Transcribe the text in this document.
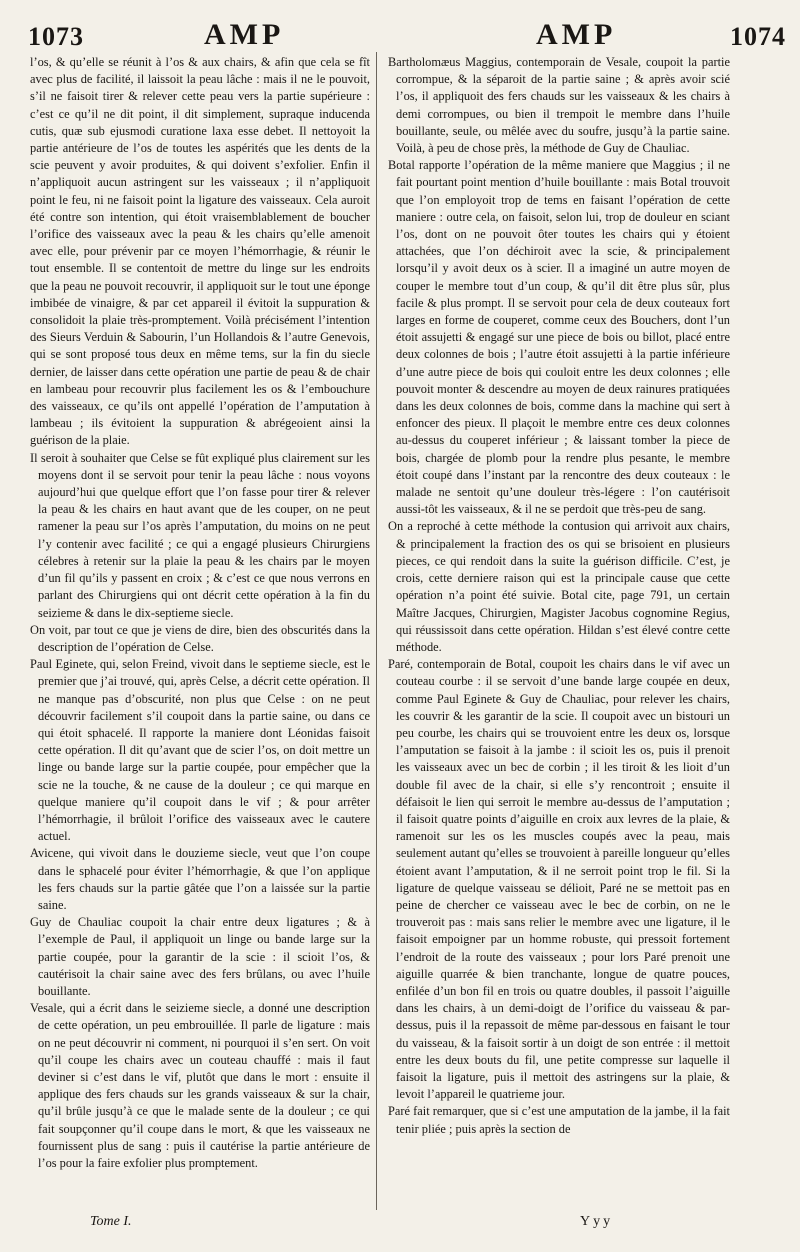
1073	AMP	AMP	1074

l’os, & qu’elle se réunit à l’os & aux chairs, & afin que cela se fît avec plus de facilité, il laissoit la peau lâche : mais il ne le pouvoit, s’il ne faisoit tirer & relever cette peau vers la partie supérieure : c’est ce qu’il ne dit point, il dit simplement, supraque inducenda cutis, quæ sub ejusmodi curatione laxa esse debet. Il nettoyoit la partie antérieure de l’os de toutes les aspérités que les dents de la scie peuvent y avoir produites, & qui doivent s’exfolier. Enfin il n’appliquoit aucun astringent sur les vaisseaux ; il n’appliquoit point le feu, ni ne faisoit point la ligature des vaisseaux. Cela auroit été contre son intention, qui étoit vraisemblablement de boucher l’orifice des vaisseaux avec la peau & les chairs qu’elle amenoit avec elle, pour prévenir par ce moyen l’hémorrhagie, & réunir le tout ensemble. Il se contentoit de mettre du linge sur les endroits que la peau ne pouvoit recouvrir, il appliquoit sur le tout une éponge imbibée de vinaigre, & par cet appareil il évitoit la suppuration & consolidoit la plaie très-promptement. Voilà précisément l’intention des Sieurs Verduin & Sabourin, l’un Hollandois & l’autre Genevois, qui se sont proposé tous deux en même tems, sur la fin du siecle dernier, de laisser dans cette opération une partie de peau & de chair en lambeau pour recouvrir plus facilement les os & l’embouchure des vaisseaux, ce qu’ils ont appellé l’opération de l’amputation à lambeau ; ils évitoient la suppuration & abrégeoient ainsi la guérison de la plaie.

Il seroit à souhaiter que Celse se fût expliqué plus clairement sur les moyens dont il se servoit pour tenir la peau lâche : nous voyons aujourd’hui que quelque effort que l’on fasse pour tirer & relever la peau & les chairs en haut avant que de les couper, on ne peut ramener la peau sur l’os après l’amputation, du moins on ne peut l’y contenir avec facilité ; ce qui a engagé plusieurs Chirurgiens célebres à retenir sur la plaie la peau & les chairs par le moyen d’un fil qu’ils y passent en croix ; & c’est ce que nous verrons en parlant des Chirurgiens qui ont décrit cette opération à la fin du seizieme & dans le dix-septieme siecle.

On voit, par tout ce que je viens de dire, bien des obscurités dans la description de l’opération de Celse.

Paul Eginete, qui, selon Freind, vivoit dans le septieme siecle, est le premier que j’ai trouvé, qui, après Celse, a décrit cette opération. Il ne manque pas d’obscurité, non plus que Celse : on ne peut découvrir facilement s’il coupoit dans la partie saine, ou dans ce qui étoit sphacelé. Il rapporte la maniere dont Léonidas faisoit cette opération. Il dit qu’avant que de scier l’os, on doit mettre un linge ou bande large sur la partie coupée, pour empêcher que la scie ne la touche, & ne cause de la douleur ; ce qui marque en quelque maniere qu’il coupoit dans le vif ; & pour arrêter l’hémorrhagie, il brûloit l’orifice des vaisseaux avec le cautere actuel.

Avicene, qui vivoit dans le douzieme siecle, veut que l’on coupe dans le sphacelé pour éviter l’hémorrhagie, & que l’on applique les fers chauds sur la partie gâtée que l’on a laissée sur la partie saine.

Guy de Chauliac coupoit la chair entre deux ligatures ; & à l’exemple de Paul, il appliquoit un linge ou bande large sur la partie coupée, pour la garantir de la scie : il scioit l’os, & cautérisoit la chair saine avec des fers brûlans, ou avec l’huile bouillante.

Vesale, qui a écrit dans le seizieme siecle, a donné une description de cette opération, un peu embrouillée. Il parle de ligature : mais on ne peut découvrir ni comment, ni pourquoi il s’en sert. On voit qu’il coupe les chairs avec un couteau chauffé : mais il faut deviner si c’est dans le vif, plutôt que dans le mort : ensuite il applique des fers chauds sur les grands vaisseaux & sur la chair, qu’il brûle jusqu’à ce que le malade sente de la douleur ; ce qui fait soupçonner qu’il coupe dans le mort, & que les vaisseaux ne fournissent plus de sang : puis il cautérise la partie antérieure de l’os pour la faire exfolier plus promptement.

Bartholomæus Maggius, contemporain de Vesale, coupoit la partie corrompue, & la séparoit de la partie saine ; & après avoir scié l’os, il appliquoit des fers chauds sur les vaisseaux & les chairs à demi corrompues, ou bien il trempoit le membre dans l’huile bouillante, seule, ou mêlée avec du soufre, jusqu’à la partie saine. Voilà, à peu de chose près, la méthode de Guy de Chauliac.

Botal rapporte l’opération de la même maniere que Maggius ; il ne fait pourtant point mention d’huile bouillante : mais Botal trouvoit que l’on employoit trop de tems en faisant l’opération de cette maniere : outre cela, on faisoit, selon lui, trop de douleur en sciant l’os, dont on ne pouvoit ôter toutes les chairs qui y étoient attachées, que l’on déchiroit avec la scie, & principalement lorsqu’il y avoit deux os à scier. Il a imaginé un autre moyen de couper le membre tout d’un coup, & qu’il dit être plus sûr, plus facile & plus prompt. Il se servoit pour cela de deux couteaux fort larges en forme de couperet, comme ceux des Bouchers, dont l’un étoit assujetti & engagé sur une piece de bois ou billot, placé entre deux colonnes de bois ; l’autre étoit assujetti à la partie inférieure d’une autre piece de bois qui couloit entre les deux colonnes ; elle pouvoit monter & descendre au moyen de deux rainures pratiquées dans les deux colonnes de bois, comme dans la machine qui sert à enfoncer des pieux. Il plaçoit le membre entre ces deux colonnes au-dessus du couperet inférieur ; & laissant tomber la piece de bois, chargée de plomb pour la rendre plus pesante, le membre étoit coupé dans l’instant par la rencontre des deux couteaux : le malade ne sentoit qu’une douleur très-légere : l’on cautérisoit aussi-tôt les vaisseaux, & il ne se perdoit que très-peu de sang.

On a reproché à cette méthode la contusion qui arrivoit aux chairs, & principalement la fraction des os qui se brisoient en plusieurs pieces, ce qui rendoit dans la suite la guérison difficile. C’est, je crois, cette derniere raison qui est la principale cause que cette opération n’a point été suivie. Botal cite, page 791, un certain Maître Jacques, Chirurgien, Magister Jacobus cognomine Regius, qui réussissoit dans cette opération. Hildan s’est élevé contre cette méthode.

Paré, contemporain de Botal, coupoit les chairs dans le vif avec un couteau courbe : il se servoit d’une bande large coupée en deux, comme Paul Eginete & Guy de Chauliac, pour relever les chairs, les couvrir & les garantir de la scie. Il coupoit avec un bistouri un peu courbe, les chairs qui se trouvoient entre les deux os, lorsque l’amputation se faisoit à la jambe : il scioit les os, puis il prenoit les vaisseaux avec un bec de corbin ; il les tiroit & les lioit d’un double fil avec de la chair, si elle s’y rencontroit ; ensuite il défaisoit le lien qui serroit le membre au-dessus de l’amputation ; il faisoit quatre points d’aiguille en croix aux levres de la plaie, & ramenoit sur les os les muscles coupés avec la peau, mais seulement autant qu’elles se trouvoient à pareille longueur qu’elles étoient avant l’amputation, & il ne serroit point trop le fil. Si la ligature de quelque vaisseau se délioit, Paré ne se mettoit pas en peine de chercher ce vaisseau avec le bec de corbin, on ne le trouveroit pas : mais sans relier le membre avec une ligature, il le faisoit empoigner par un homme robuste, qui pressoit fortement l’endroit de la route des vaisseaux ; pour lors Paré prenoit une aiguille quarrée & bien tranchante, longue de quatre pouces, enfilée d’un bon fil en trois ou quatre doubles, il passoit l’aiguille dans les chairs, à un demi-doigt de l’orifice du vaisseau & par-dessus, puis il la repassoit de même par-dessous en faisant le tour du vaisseau, & la faisoit sortir à un doigt de son entrée : il mettoit entre les deux bouts du fil, une petite compresse sur laquelle il faisoit la ligature, puis il mettoit des astringens sur la plaie, & levoit l’appareil le quatrieme jour.

Paré fait remarquer, que si c’est une amputation de la jambe, il la fait tenir pliée ; puis après la section de

Tome I.	Yyy
